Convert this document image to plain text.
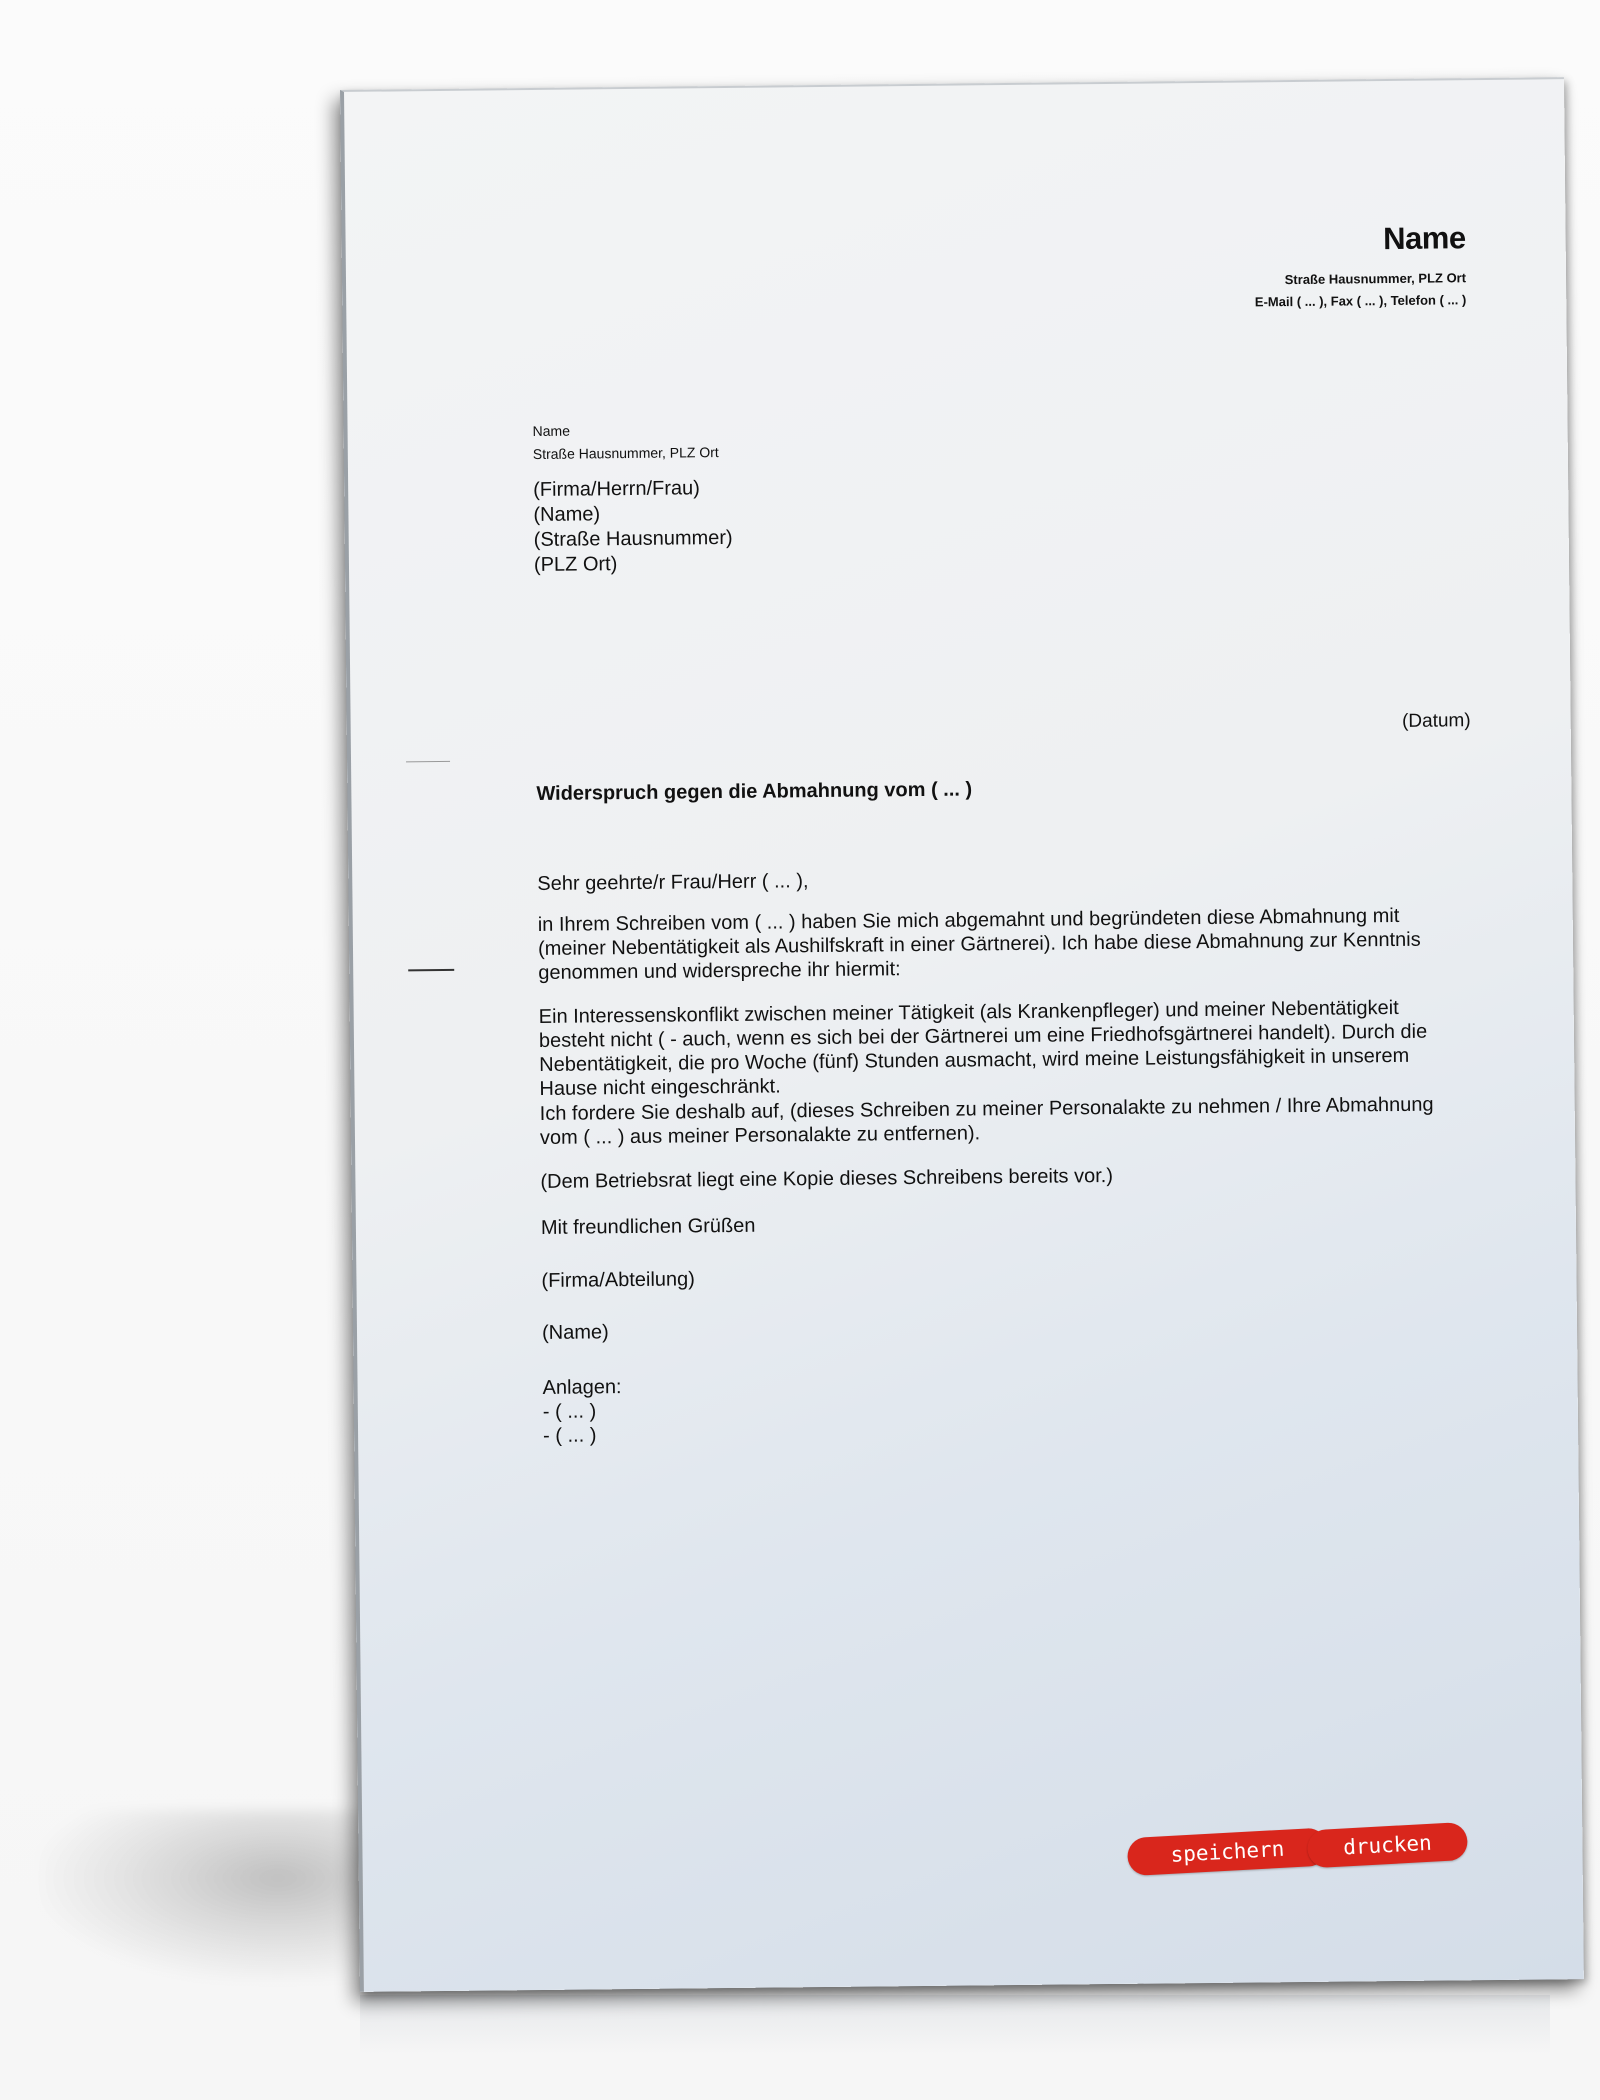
Name
Straße Hausnummer, PLZ Ort
E-Mail ( ... ), Fax ( ... ), Telefon ( ... )
Name
Straße Hausnummer, PLZ Ort
(Firma/Herrn/Frau)
(Name)
(Straße Hausnummer)
(PLZ Ort)
(Datum)
Widerspruch gegen die Abmahnung vom ( ... )
Sehr geehrte/r Frau/Herr ( ... ),
in Ihrem Schreiben vom ( ... ) haben Sie mich abgemahnt und begründeten diese Abmahnung mit (meiner Nebentätigkeit als Aushilfskraft in einer Gärtnerei). Ich habe diese Abmahnung zur Kenntnis genommen und widerspreche ihr hiermit:
Ein Interessenskonflikt zwischen meiner Tätigkeit (als Krankenpfleger) und meiner Nebentätigkeit besteht nicht ( - auch, wenn es sich bei der Gärtnerei um eine Friedhofsgärtnerei handelt). Durch die Nebentätigkeit, die pro Woche (fünf) Stunden ausmacht, wird meine Leistungsfähigkeit in unserem Hause nicht eingeschränkt.
Ich fordere Sie deshalb auf, (dieses Schreiben zu meiner Personalakte zu nehmen / Ihre Abmahnung vom ( ... ) aus meiner Personalakte zu entfernen).
(Dem Betriebsrat liegt eine Kopie dieses Schreibens bereits vor.)
Mit freundlichen Grüßen
(Firma/Abteilung)
(Name)
Anlagen:
- ( ... )
- ( ... )
speichern	drucken
